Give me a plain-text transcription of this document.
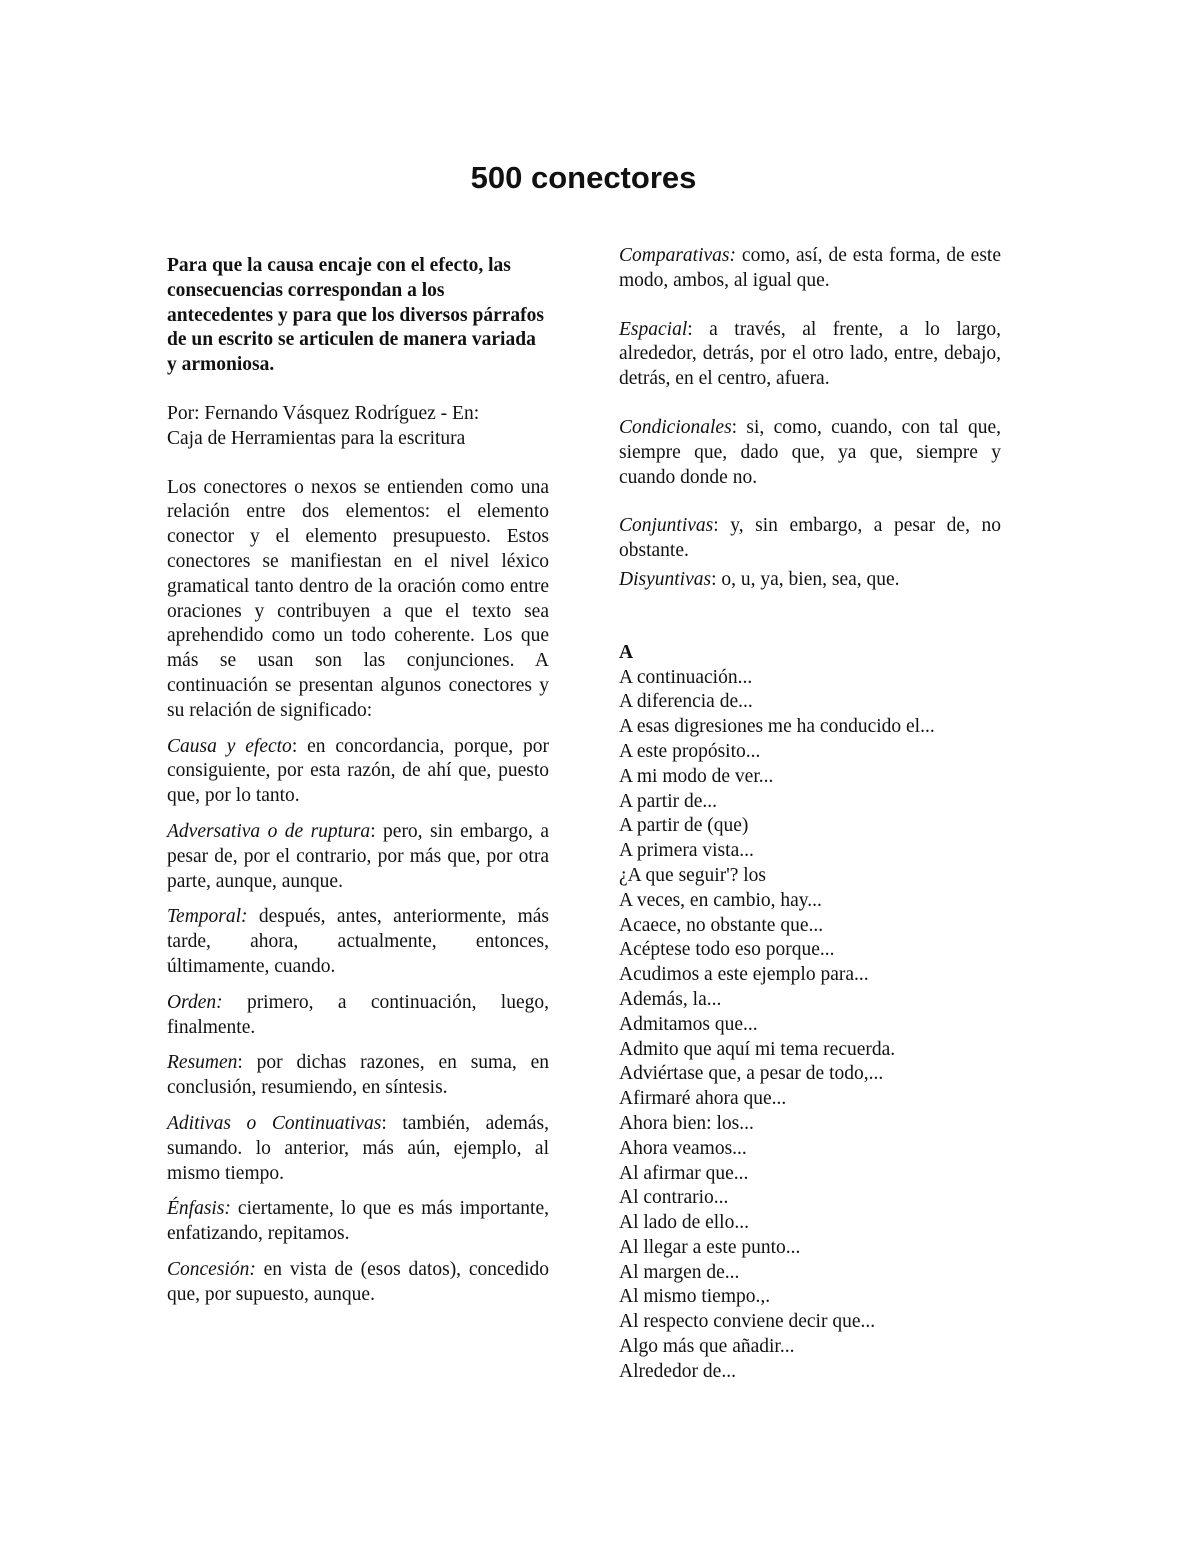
500 conectores

Para que la causa encaje con el efecto, las consecuencias correspondan a los antecedentes y para que los diversos párrafos de un escrito se articulen de manera variada y armoniosa.

Por: Fernando Vásquez Rodríguez - En:
Caja de Herramientas para la escritura

Los conectores o nexos se entienden como una relación entre dos elementos: el elemento conector y el elemento presupuesto. Estos conectores se manifiestan en el nivel léxico gramatical tanto dentro de la oración como entre oraciones y contribuyen a que el texto sea aprehendido como un todo coherente. Los que más se usan son las conjunciones. A continuación se presentan algunos conectores y su relación de significado:

Causa y efecto: en concordancia, porque, por consiguiente, por esta razón, de ahí que, puesto que, por lo tanto.

Adversativa o de ruptura: pero, sin embargo, a pesar de, por el contrario, por más que, por otra parte, aunque, aunque.

Temporal: después, antes, anteriormente, más tarde, ahora, actualmente, entonces, últimamente, cuando.

Orden: primero, a continuación, luego, finalmente.

Resumen: por dichas razones, en suma, en conclusión, resumiendo, en síntesis.

Aditivas o Continuativas: también, además, sumando. lo anterior, más aún, ejemplo, al mismo tiempo.

Énfasis: ciertamente, lo que es más importante, enfatizando, repitamos.

Concesión: en vista de (esos datos), concedido que, por supuesto, aunque.

Comparativas: como, así, de esta forma, de este modo, ambos, al igual que.

Espacial: a través, al frente, a lo largo, alrededor, detrás, por el otro lado, entre, debajo, detrás, en el centro, afuera.

Condicionales: si, como, cuando, con tal que, siempre que, dado que, ya que, siempre y cuando donde no.

Conjuntivas: y, sin embargo, a pesar de, no obstante.

Disyuntivas: o, u, ya, bien, sea, que.

A
A continuación...
A diferencia de...
A esas digresiones me ha conducido el...
A este propósito...
A mi modo de ver...
A partir de...
A partir de (que)
A primera vista...
¿A que seguir'? los
A veces, en cambio, hay...
Acaece, no obstante que...
Acéptese todo eso porque...
Acudimos a este ejemplo para...
Además, la...
Admitamos que...
Admito que aquí mi tema recuerda.
Adviértase que, a pesar de todo,...
Afirmaré ahora que...
Ahora bien: los...
Ahora veamos...
Al afirmar que...
Al contrario...
Al lado de ello...
Al llegar a este punto...
Al margen de...
Al mismo tiempo.,.
Al respecto conviene decir que...
Algo más que añadir...
Alrededor de...
